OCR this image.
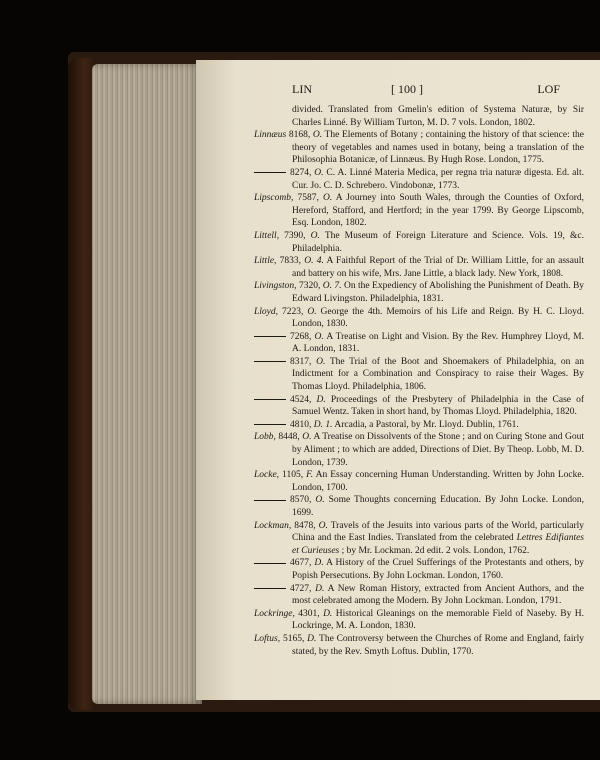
LIN	[ 100 ]	LOF

divided. Translated from Gmelin's edition of Systema Naturæ, by Sir Charles Linné. By William Turton, M. D. 7 vols. London, 1802.

Linnæus 8168, O. The Elements of Botany ; containing the history of that science: the theory of vegetables and names used in botany, being a translation of the Philosophia Botanicæ, of Linnæus. By Hugh Rose. London, 1775.

8274, O. C. A. Linné Materia Medica, per regna tria naturæ digesta. Ed. alt. Cur. Jo. C. D. Schrebero. Vindobonæ, 1773.

Lipscomb, 7587, O. A Journey into South Wales, through the Counties of Oxford, Hereford, Stafford, and Hertford; in the year 1799. By George Lipscomb, Esq. London, 1802.

Littell, 7390, O. The Museum of Foreign Literature and Science. Vols. 19, &c. Philadelphia.

Little, 7833, O. 4. A Faithful Report of the Trial of Dr. William Little, for an assault and battery on his wife, Mrs. Jane Little, a black lady. New York, 1808.

Livingston, 7320, O. 7. On the Expediency of Abolishing the Punishment of Death. By Edward Livingston. Philadelphia, 1831.

Lloyd, 7223, O. George the 4th. Memoirs of his Life and Reign. By H. C. Lloyd. London, 1830.

7268, O. A Treatise on Light and Vision. By the Rev. Humphrey Lloyd, M. A. London, 1831.

8317, O. The Trial of the Boot and Shoemakers of Philadelphia, on an Indictment for a Combination and Conspiracy to raise their Wages. By Thomas Lloyd. Philadelphia, 1806.

4524, D. Proceedings of the Presbytery of Philadelphia in the Case of Samuel Wentz. Taken in short hand, by Thomas Lloyd. Philadelphia, 1820.

4810, D. 1. Arcadia, a Pastoral, by Mr. Lloyd. Dublin, 1761.

Lobb, 8448, O. A Treatise on Dissolvents of the Stone ; and on Curing Stone and Gout by Aliment ; to which are added, Directions of Diet. By Theop. Lobb, M. D. London, 1739.

Locke, 1105, F. An Essay concerning Human Understanding. Written by John Locke. London, 1700.

8570, O. Some Thoughts concerning Education. By John Locke. London, 1699.

Lockman, 8478, O. Travels of the Jesuits into various parts of the World, particularly China and the East Indies. Translated from the celebrated Lettres Edifiantes et Curieuses ; by Mr. Lockman. 2d edit. 2 vols. London, 1762.

4677, D. A History of the Cruel Sufferings of the Protestants and others, by Popish Persecutions. By John Lockman. London, 1760.

4727, D. A New Roman History, extracted from Ancient Authors, and the most celebrated among the Modern. By John Lockman. London, 1791.

Lockringe, 4301, D. Historical Gleanings on the memorable Field of Naseby. By H. Lockringe, M. A. London, 1830.

Loftus, 5165, D. The Controversy between the Churches of Rome and England, fairly stated, by the Rev. Smyth Loftus. Dublin, 1770.
